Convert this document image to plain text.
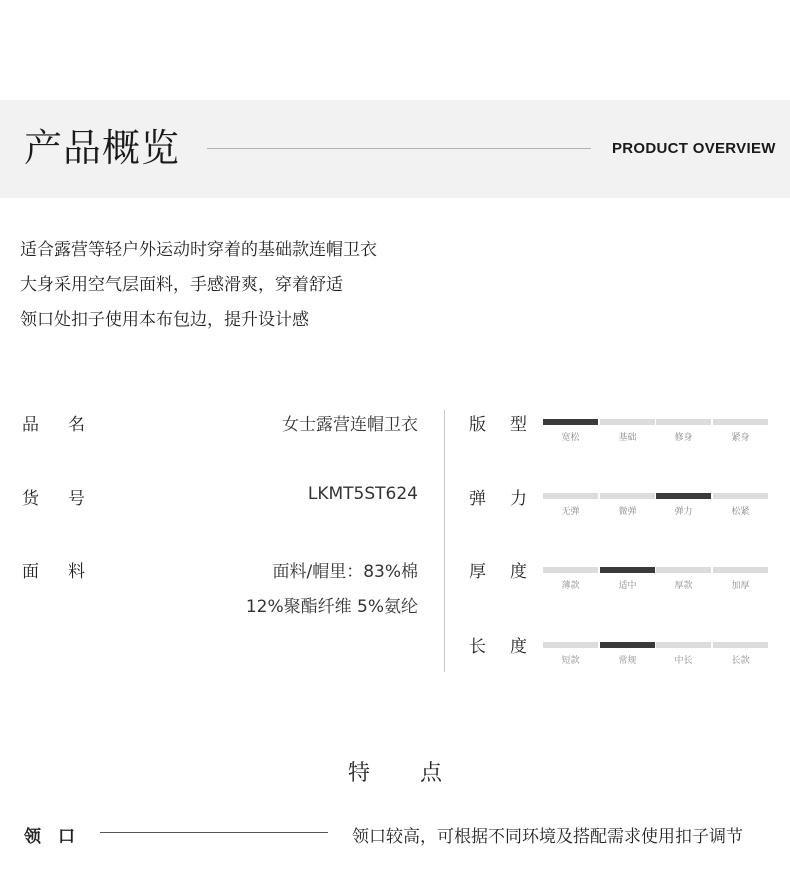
产品概览	PRODUCT OVERVIEW
适合露营等轻户外运动时穿着的基础款连帽卫衣
大身采用空气层面料，手感滑爽，穿着舒适
领口处扣子使用本布包边，提升设计感
品 名	女士露营连帽卫衣
货 号	LKMT5ST624
面 料	面料/帽里：83%棉
12%聚酯纤维 5%氨纶
版 型
宽松	基础	修身	紧身
弹 力
无弹	微弹	弹力	松紧
厚 度
薄款	适中	厚款	加厚
长 度
短款	常规	中长	长款
特 点
领 口	领口较高，可根据不同环境及搭配需求使用扣子调节
